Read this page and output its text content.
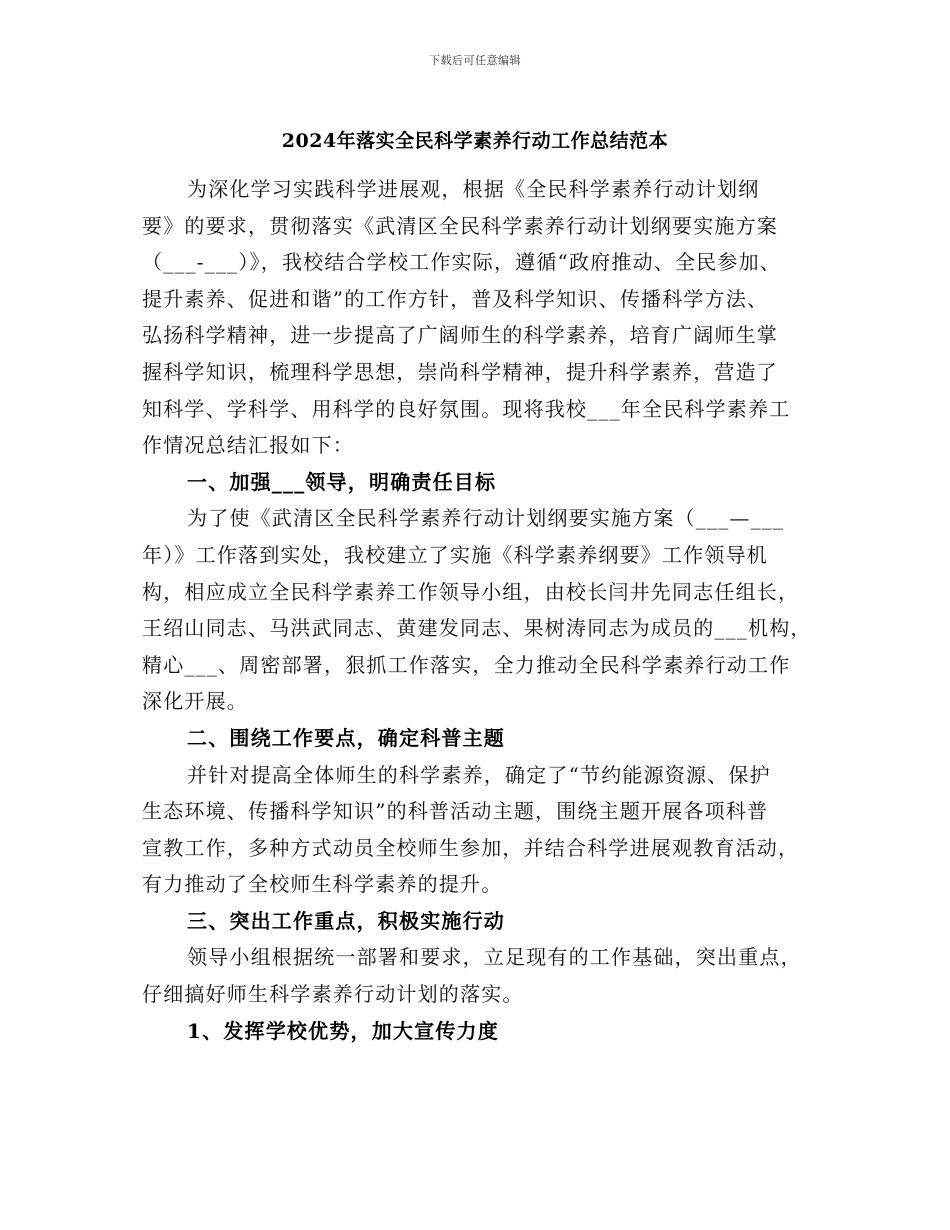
下载后可任意编辑
2024年落实全民科学素养行动工作总结范本
为深化学习实践科学进展观，根据《全民科学素养行动计划纲
要》的要求，贯彻落实《武清区全民科学素养行动计划纲要实施方案
（___-___）》，我校结合学校工作实际，遵循“政府推动、全民参加、
提升素养、促进和谐”的工作方针，普及科学知识、传播科学方法、
弘扬科学精神，进一步提高了广阔师生的科学素养，培育广阔师生掌
握科学知识，梳理科学思想，崇尚科学精神，提升科学素养，营造了
知科学、学科学、用科学的良好氛围。现将我校___年全民科学素养工
作情况总结汇报如下：
一、加强___领导，明确责任目标
为了使《武清区全民科学素养行动计划纲要实施方案（___—___
年）》工作落到实处，我校建立了实施《科学素养纲要》工作领导机
构，相应成立全民科学素养工作领导小组，由校长闫井先同志任组长，
王绍山同志、马洪武同志、黄建发同志、果树涛同志为成员的___机构，
精心___、周密部署，狠抓工作落实，全力推动全民科学素养行动工作
深化开展。
二、围绕工作要点，确定科普主题
并针对提高全体师生的科学素养，确定了“节约能源资源、保护
生态环境、传播科学知识”的科普活动主题，围绕主题开展各项科普
宣教工作，多种方式动员全校师生参加，并结合科学进展观教育活动，
有力推动了全校师生科学素养的提升。
三、突出工作重点，积极实施行动
领导小组根据统一部署和要求，立足现有的工作基础，突出重点，
仔细搞好师生科学素养行动计划的落实。
1、发挥学校优势，加大宣传力度
